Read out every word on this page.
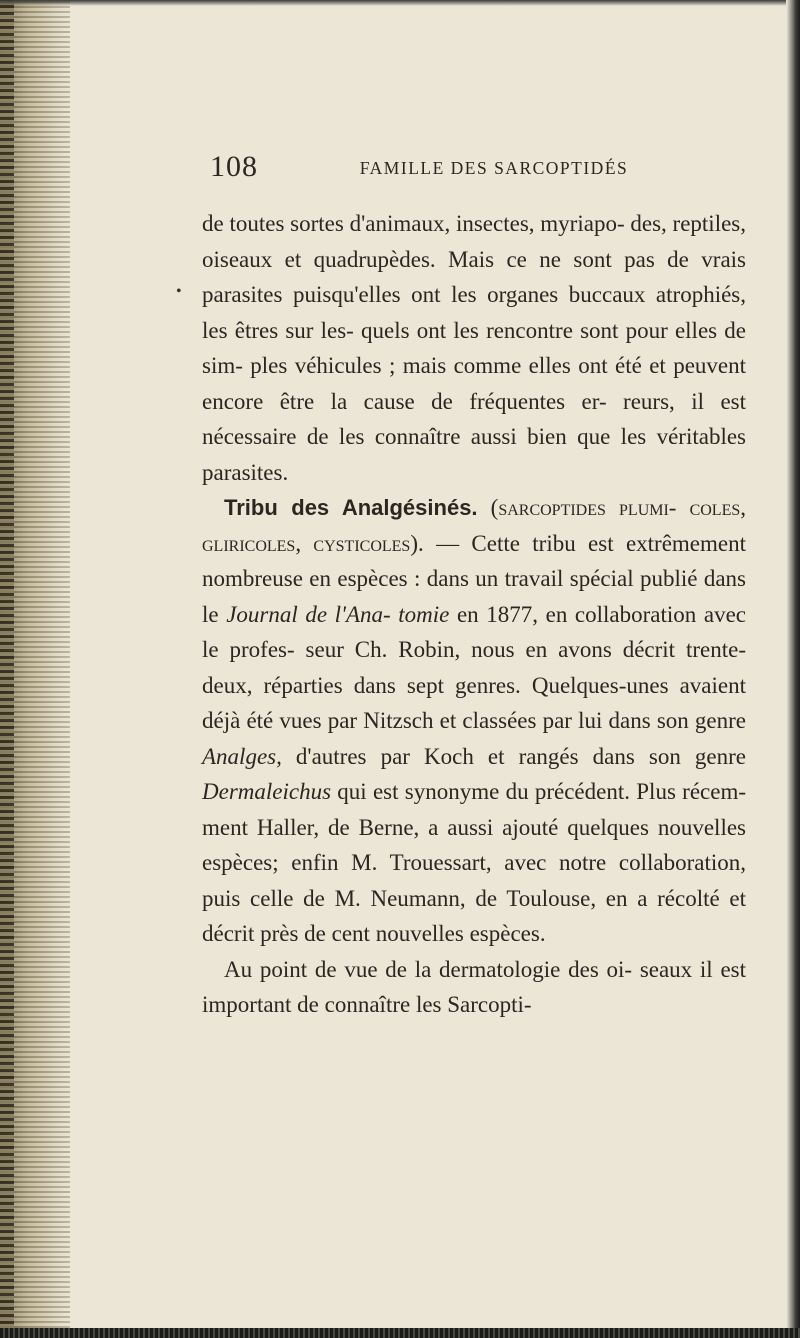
•
108	FAMILLE DES SARCOPTIDÉS

de toutes sortes d'animaux, insectes, myriapo- des, reptiles, oiseaux et quadrupèdes. Mais ce ne sont pas de vrais parasites puisqu'elles ont les organes buccaux atrophiés, les êtres sur les- quels ont les rencontre sont pour elles de sim- ples véhicules ; mais comme elles ont été et peuvent encore être la cause de fréquentes er- reurs, il est nécessaire de les connaître aussi bien que les véritables parasites.

Tribu des Analgésinés. (sarcoptides plumi- coles, gliricoles, cysticoles). — Cette tribu est extrêmement nombreuse en espèces : dans un travail spécial publié dans le Journal de l'Ana- tomie en 1877, en collaboration avec le profes- seur Ch. Robin, nous en avons décrit trente- deux, réparties dans sept genres. Quelques-unes avaient déjà été vues par Nitzsch et classées par lui dans son genre Analges, d'autres par Koch et rangés dans son genre Dermaleichus qui est synonyme du précédent. Plus récem- ment Haller, de Berne, a aussi ajouté quelques nouvelles espèces; enfin M. Trouessart, avec notre collaboration, puis celle de M. Neumann, de Toulouse, en a récolté et décrit près de cent nouvelles espèces.

Au point de vue de la dermatologie des oi- seaux il est important de connaître les Sarcopti-
